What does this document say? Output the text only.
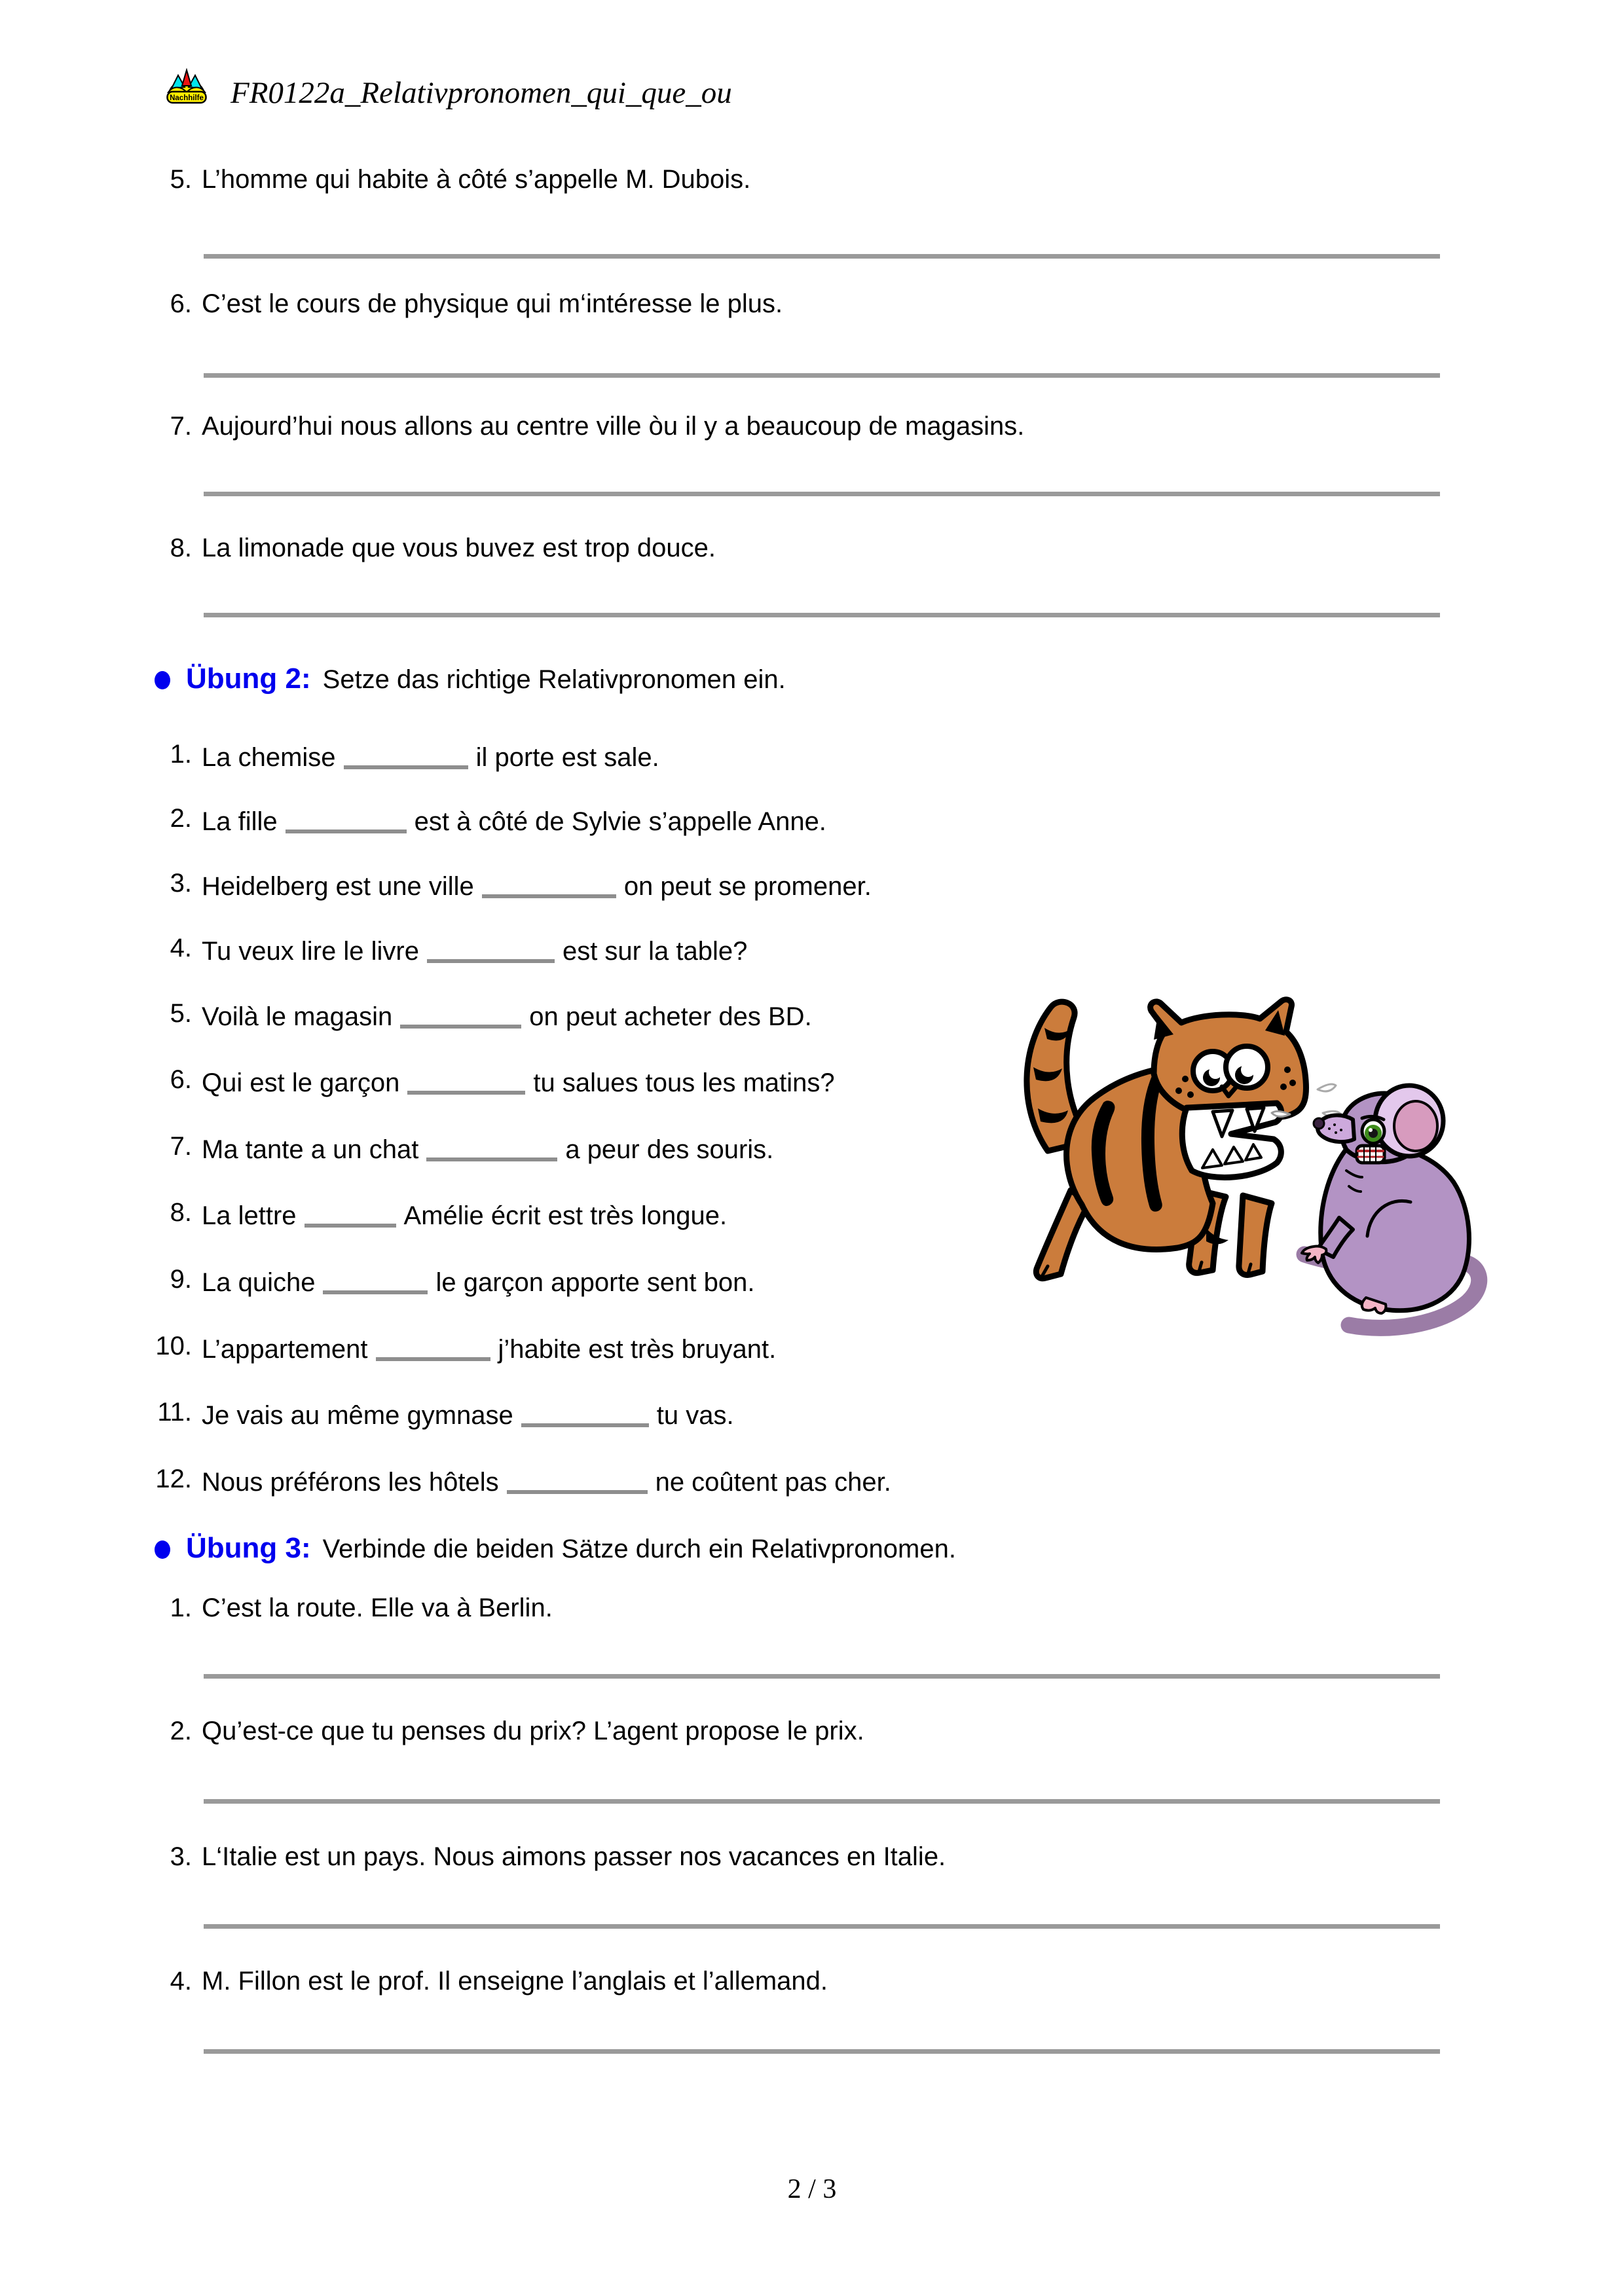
Nachhilfe FR0122a_Relativpronomen_qui_que_ou
5. L’homme qui habite à côté s’appelle M. Dubois.
6. C’est le cours de physique qui m‘intéresse le plus.
7. Aujourd’hui nous allons au centre ville òu il y a beaucoup de magasins.
8. La limonade que vous buvez est trop douce.
Übung 2: Setze das richtige Relativpronomen ein.
1. La chemise	il porte est sale.
2. La fille	est à côté de Sylvie s’appelle Anne.
3. Heidelberg est une ville	on peut se promener.
4. Tu veux lire le livre	est sur la table?
5. Voilà le magasin	on peut acheter des BD.
6. Qui est le garçon	tu salues tous les matins?
7. Ma tante a un chat	a peur des souris.
8. La lettre	Amélie écrit est très longue.
9. La quiche	le garçon apporte sent bon.
10. L’appartement	j’habite est très bruyant.
11. Je vais au même gymnase	tu vas.
12. Nous préférons les hôtels	ne coûtent pas cher.
Übung 3: Verbinde die beiden Sätze durch ein Relativpronomen.
1. C’est la route. Elle va à Berlin.
2. Qu’est-ce que tu penses du prix? L’agent propose le prix.
3. L‘Italie est un pays. Nous aimons passer nos vacances en Italie.
4. M. Fillon est le prof. Il enseigne l’anglais et l’allemand.
2 / 3
